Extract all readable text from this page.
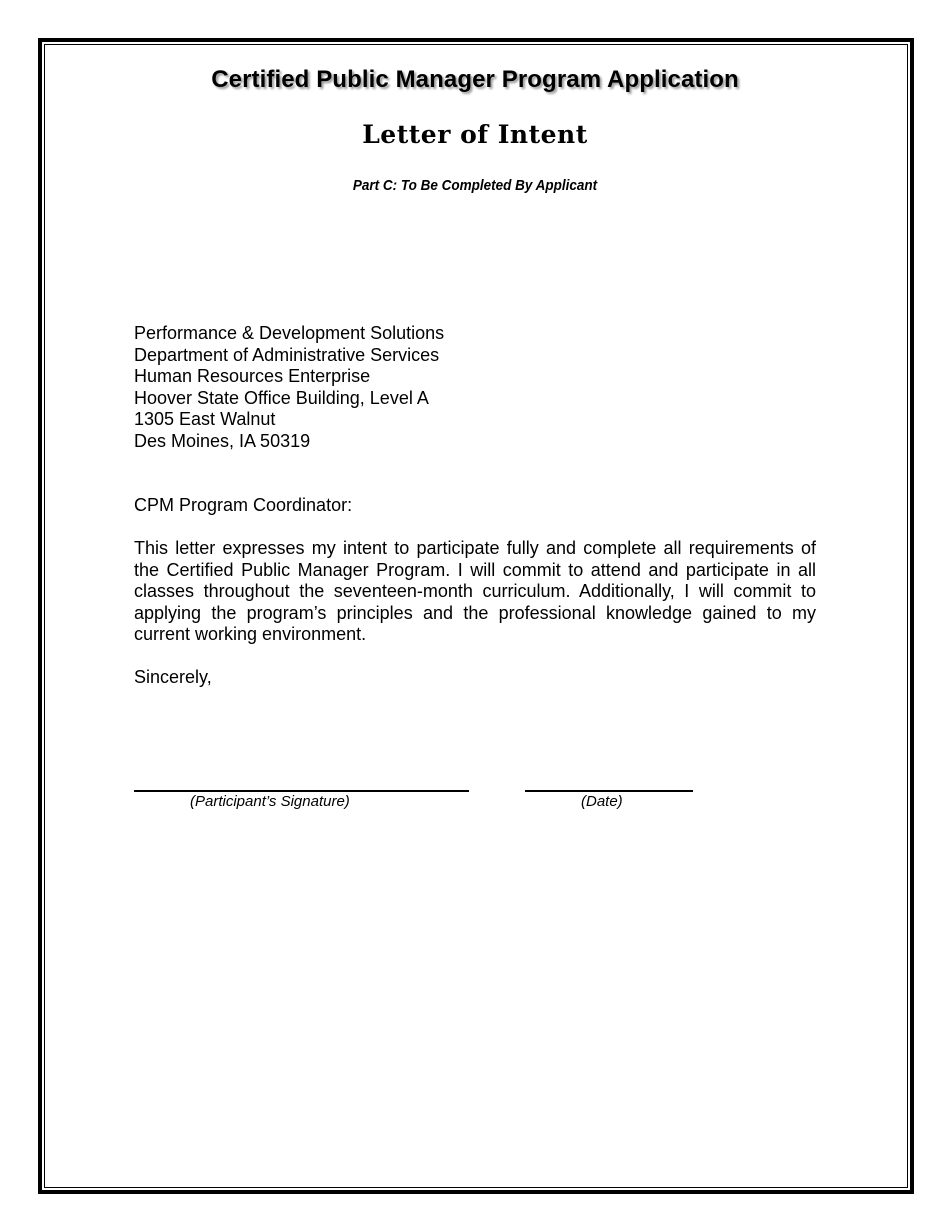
Certified Public Manager Program Application
Letter of Intent
Part C: To Be Completed By Applicant
Performance & Development Solutions
Department of Administrative Services
Human Resources Enterprise
Hoover State Office Building, Level A
1305 East Walnut
Des Moines, IA 50319
CPM Program Coordinator:
This letter expresses my intent to participate fully and complete all requirements of the Certified Public Manager Program. I will commit to attend and participate in all classes throughout the seventeen-month curriculum. Additionally, I will commit to applying the program’s principles and the professional knowledge gained to my current working environment.
Sincerely,
(Participant’s Signature)	(Date)
